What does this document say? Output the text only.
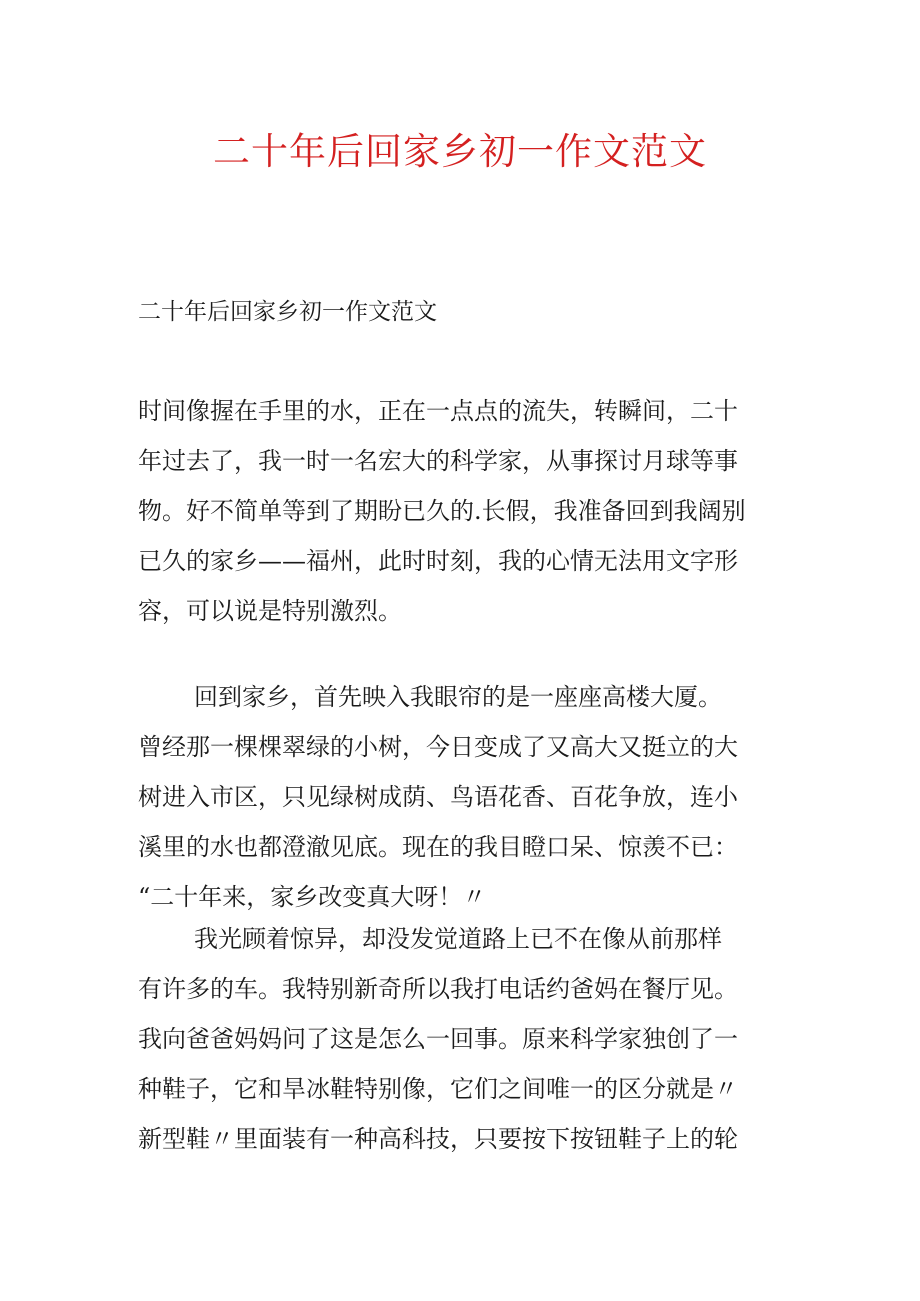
二十年后回家乡初一作文范文

二十年后回家乡初一作文范文

时间像握在手里的水，正在一点点的流失，转瞬间，二十
年过去了，我一时一名宏大的科学家，从事探讨月球等事
物。好不简单等到了期盼已久的.长假，我准备回到我阔别
已久的家乡——福州，此时时刻，我的心情无法用文字形
容，可以说是特别激烈。
回到家乡，首先映入我眼帘的是一座座高楼大厦。
曾经那一棵棵翠绿的小树，今日变成了又高大又挺立的大
树进入市区，只见绿树成荫、鸟语花香、百花争放，连小
溪里的水也都澄澈见底。现在的我目瞪口呆、惊羡不已：
“二十年来，家乡改变真大呀！〃
我光顾着惊异，却没发觉道路上已不在像从前那样
有许多的车。我特别新奇所以我打电话约爸妈在餐厅见。
我向爸爸妈妈问了这是怎么一回事。原来科学家独创了一
种鞋子，它和旱冰鞋特别像，它们之间唯一的区分就是〃
新型鞋〃里面装有一种高科技，只要按下按钮鞋子上的轮
